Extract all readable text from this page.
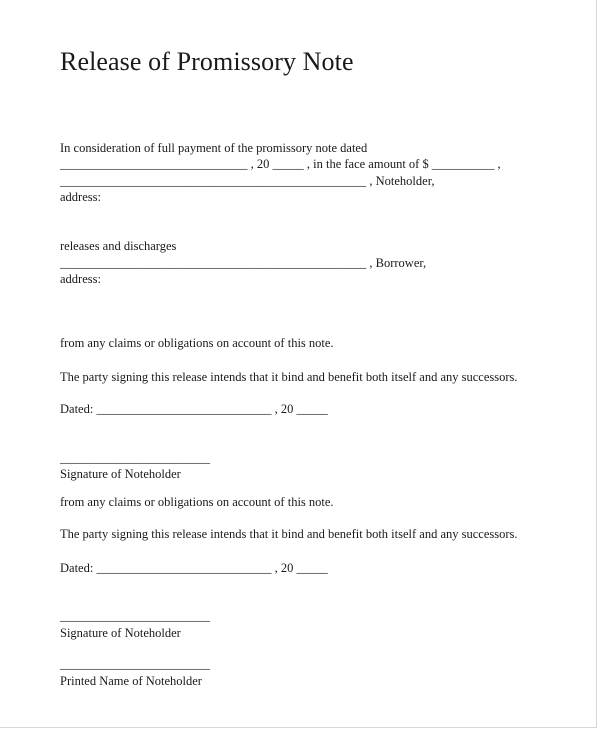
Release of Promissory Note
In consideration of full payment of the promissory note dated
______________________________ , 20 _____ , in the face amount of $ __________ ,
_________________________________________________ , Noteholder,
address:
releases and discharges
_________________________________________________ , Borrower,
address:
from any claims or obligations on account of this note.
The party signing this release intends that it bind and benefit both itself and any successors.
Dated: ____________________________ , 20 _____
________________________
Signature of Noteholder
from any claims or obligations on account of this note.
The party signing this release intends that it bind and benefit both itself and any successors.
Dated: ____________________________ , 20 _____
________________________
Signature of Noteholder
________________________
Printed Name of Noteholder
